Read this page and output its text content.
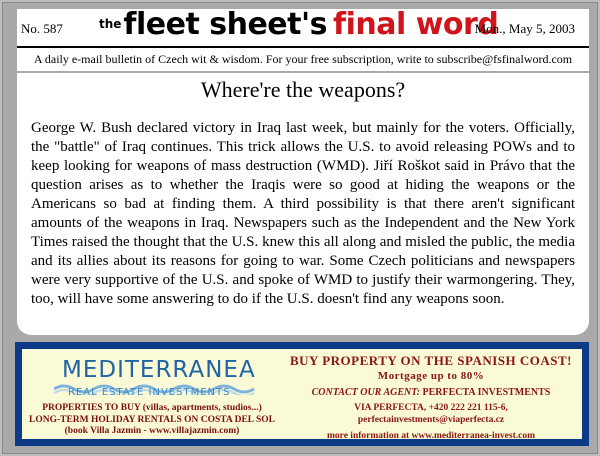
No. 587	$^{the}$fleet sheet's final word
Mon., May 5, 2003
A daily e-mail bulletin of Czech wit & wisdom. For your free subscription, write to subscribe@fsfinalword.com
Where're the weapons?

George W. Bush declared victory in Iraq last week, but mainly for the voters. Officially, the "battle" of Iraq continues. This trick allows the U.S. to avoid releasing POWs and to keep looking for weapons of mass destruction (WMD). Jiří Roškot said in Právo that the question arises as to whether the Iraqis were so good at hiding the weapons or the Americans so bad at finding them. A third possibility is that there aren't significant amounts of the weapons in Iraq. Newspapers such as the Independent and the New York Times raised the thought that the U.S. knew this all along and misled the public, the media and its allies about its reasons for going to war. Some Czech politicians and newspapers were very supportive of the U.S. and spoke of WMD to justify their warmongering. They, too, will have some answering to do if the U.S. doesn't find any weapons soon.

MEDITERRANEA
REAL ESTATE INVESTMENTS
PROPERTIES TO BUY (villas, apartments, studios...)
LONG-TERM HOLIDAY RENTALS ON COSTA DEL SOL
(book Villa Jazmin - www.villajazmin.com)
BUY PROPERTY ON THE SPANISH COAST!
Mortgage up to 80%
CONTACT OUR AGENT: PERFECTA INVESTMENTS
VIA PERFECTA, +420 222 221 115-6, perfectainvestments@viaperfecta.cz
more information at www.mediterranea-invest.com
